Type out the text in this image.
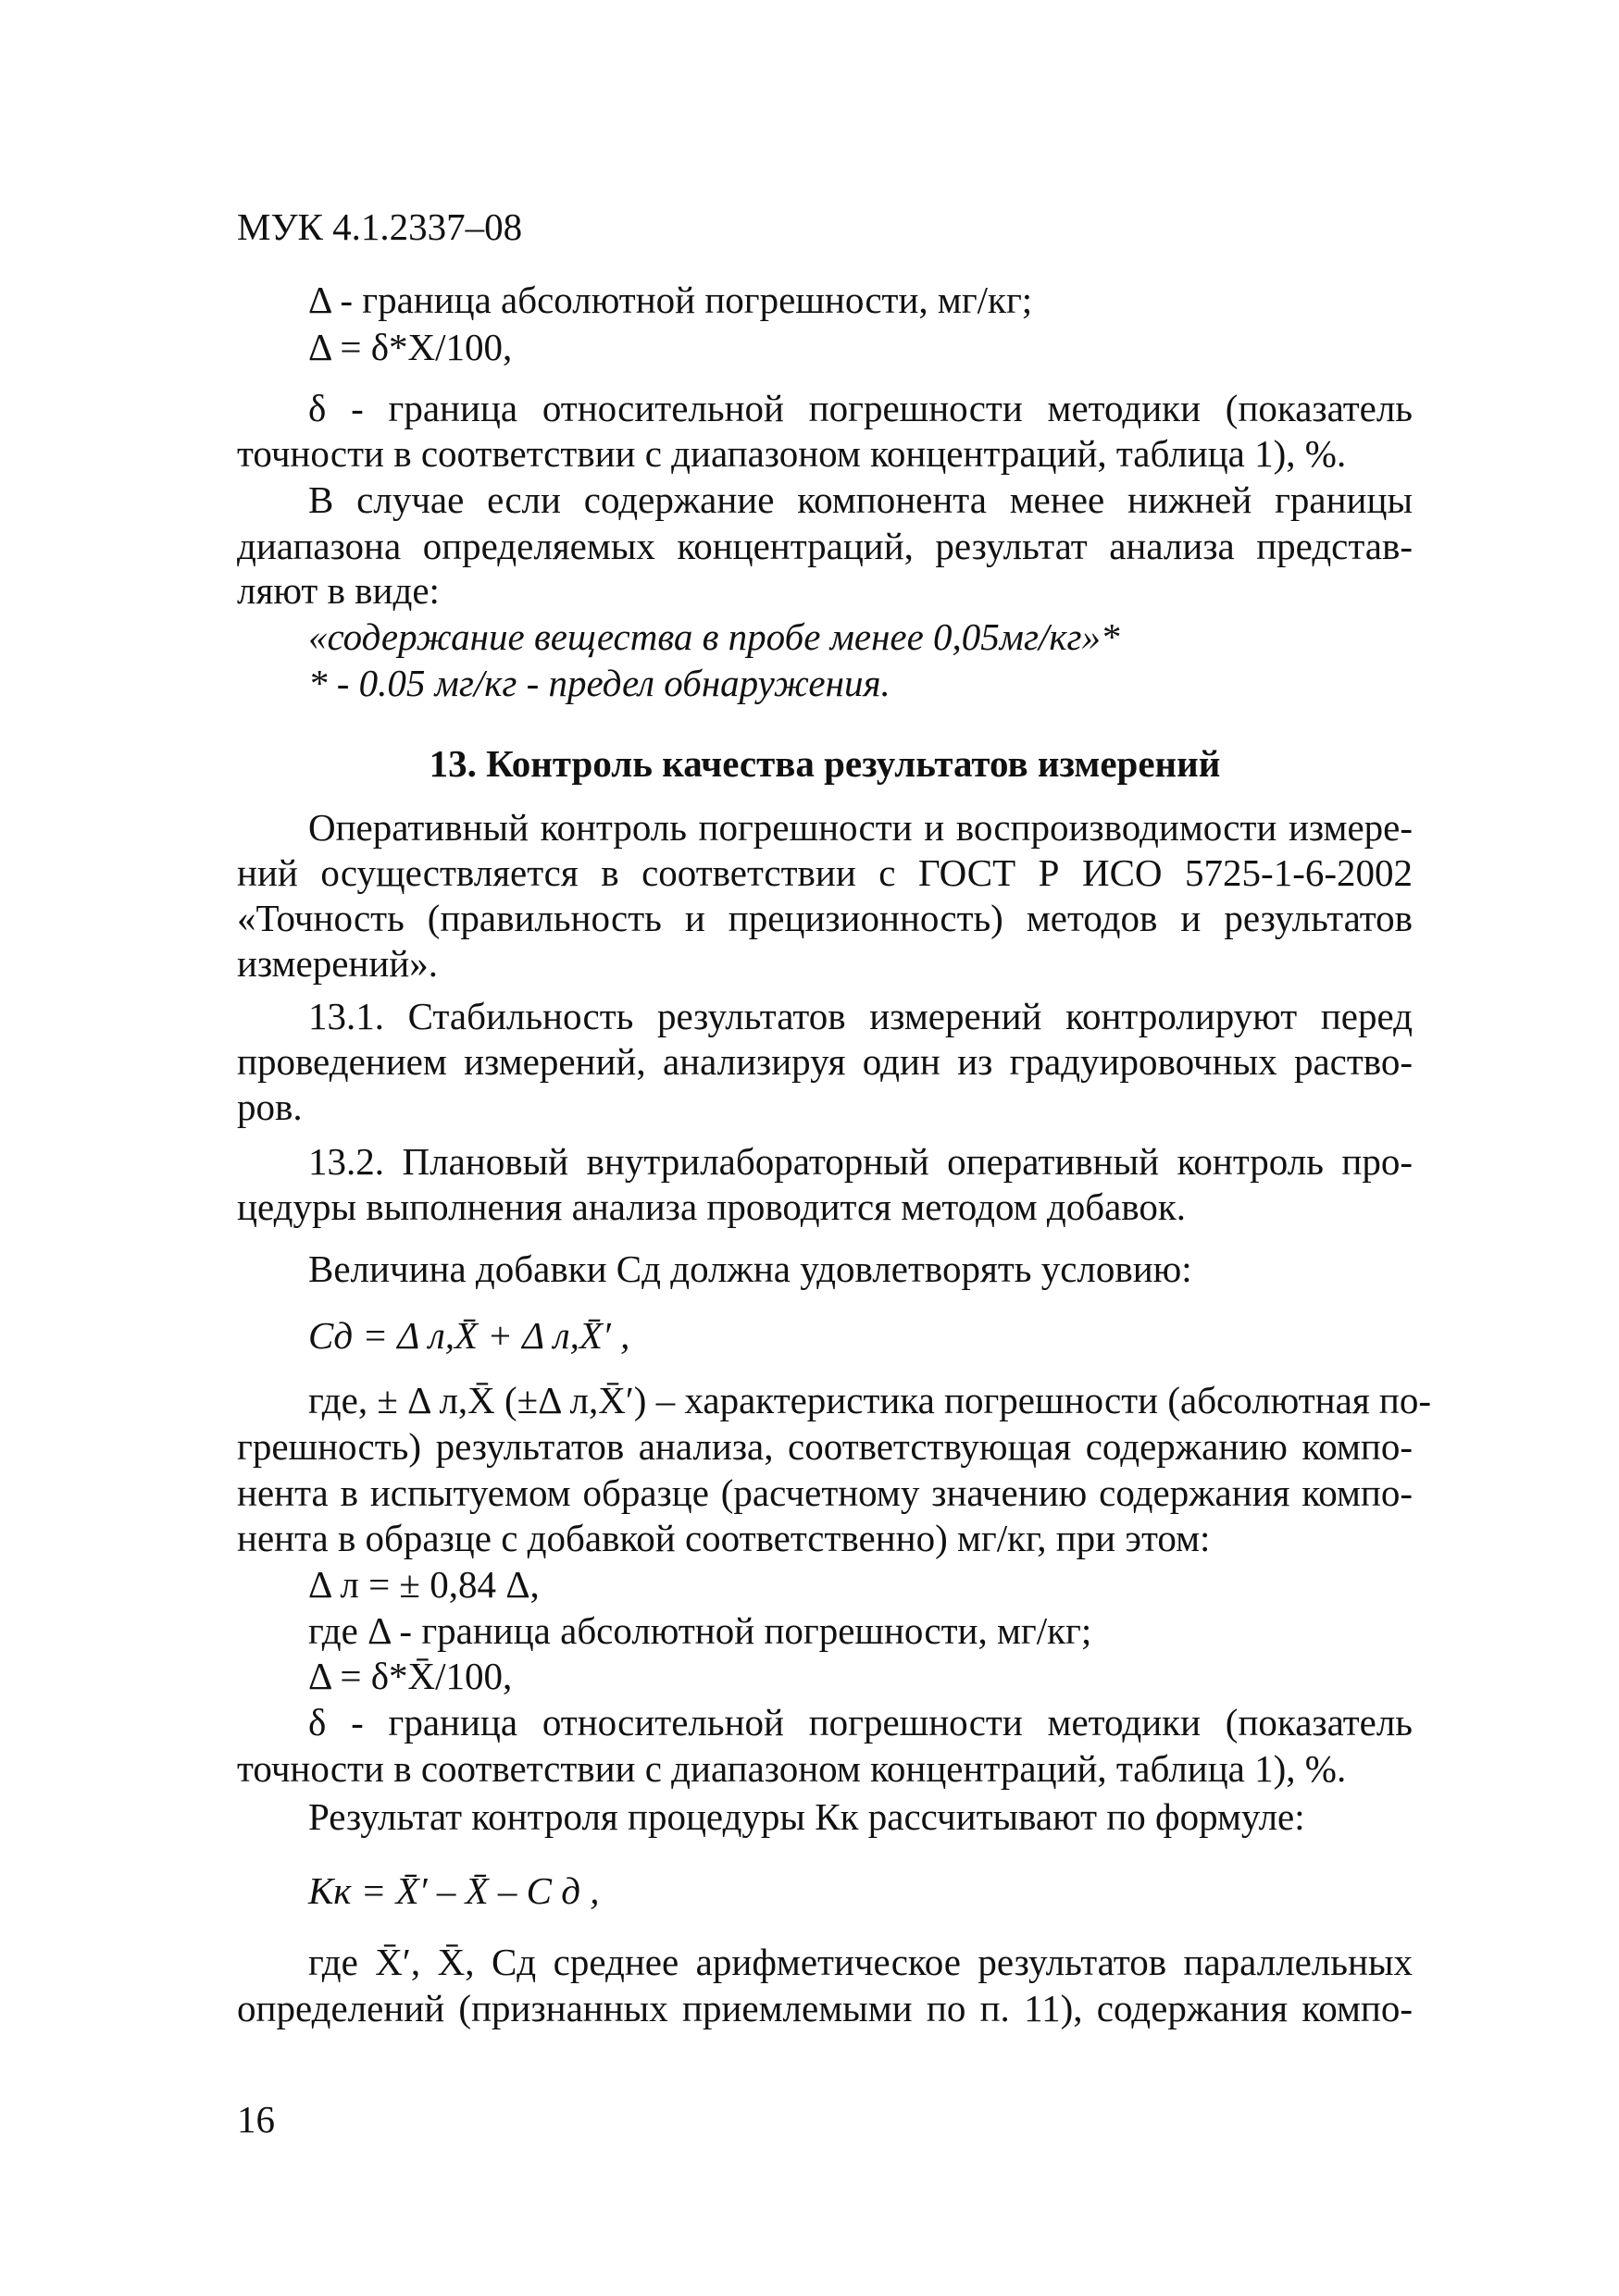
МУК 4.1.2337–08
Δ - граница абсолютной погрешности, мг/кг;
Δ = δ*Х/100,
δ - граница относительной погрешности методики (показатель
точности в соответствии с диапазоном концентраций, таблица 1), %.
В случае если содержание компонента менее нижней границы
диапазона определяемых концентраций, результат анализа представ-
ляют в виде:
«содержание вещества в пробе менее 0,05мг/кг»*
* - 0.05 мг/кг - предел обнаружения.
13. Контроль качества результатов измерений
Оперативный контроль погрешности и воспроизводимости измере-
ний осуществляется в соответствии с ГОСТ Р ИСО 5725-1-6-2002
«Точность (правильность и прецизионность) методов и результатов
измерений».
13.1. Стабильность результатов измерений контролируют перед
проведением измерений, анализируя один из градуировочных раство-
ров.
13.2. Плановый внутрилабораторный оперативный контроль про-
цедуры выполнения анализа проводится методом добавок.
Величина добавки Сд должна удовлетворять условию:
Сд = Δ л,X̄ + Δ л,X̄′ ,
где, ± Δ л,X̄ (±Δ л,X̄′) – характеристика погрешности (абсолютная по-
грешность) результатов анализа, соответствующая содержанию компо-
нента в испытуемом образце (расчетному значению содержания компо-
нента в образце с добавкой соответственно) мг/кг, при этом:
Δ л = ± 0,84 Δ,
где Δ - граница абсолютной погрешности, мг/кг;
Δ = δ*X̄/100,
δ - граница относительной погрешности методики (показатель
точности в соответствии с диапазоном концентраций, таблица 1), %.
Результат контроля процедуры Кк рассчитывают по формуле:
Кк = X̄′ – X̄ – С д ,
где X̄′, X̄, Сд среднее арифметическое результатов параллельных
определений (признанных приемлемыми по п. 11), содержания компо-
16
